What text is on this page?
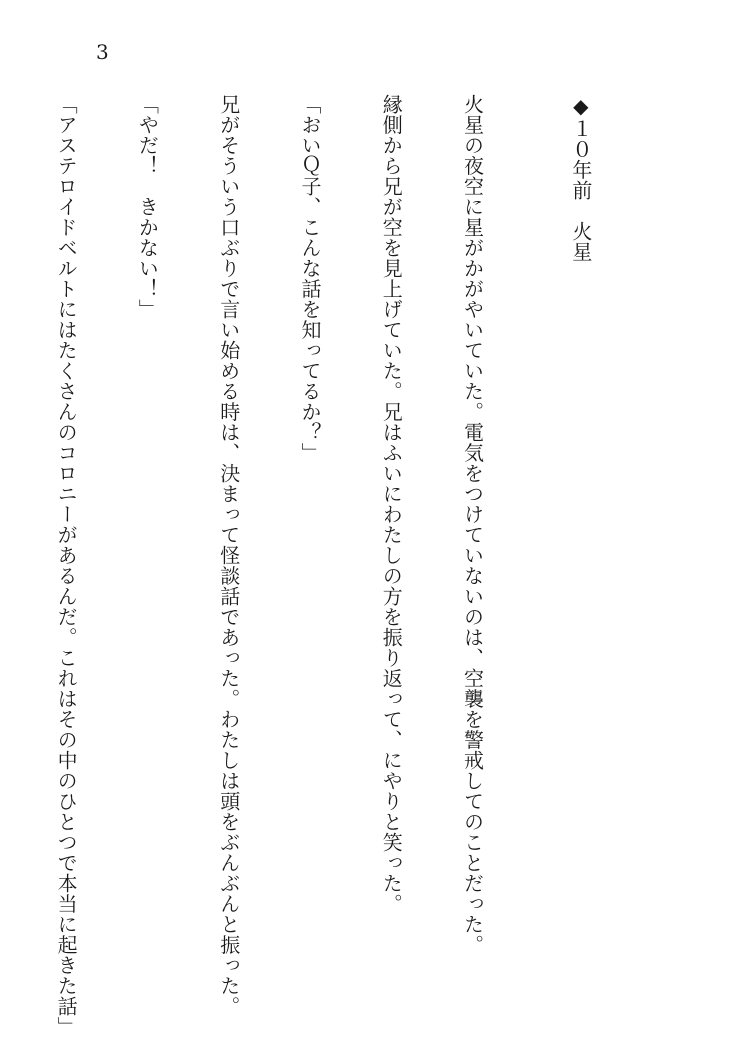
3

◆１０年前　火星

火星の夜空に星がかがやいていた。電気をつけていないのは、空襲を警戒してのことだった。

縁側から兄が空を見上げていた。兄はふいにわたしの方を振り返って、にやりと笑った。

「おいＱ子、こんな話を知ってるか？」

兄がそういう口ぶりで言い始める時は、決まって怪談話であった。わたしは頭をぶんぶんと振った。

「やだ！　きかない！」

「アステロイドベルトにはたくさんのコロニーがあるんだ。これはその中のひとつで本当に起きた話」
